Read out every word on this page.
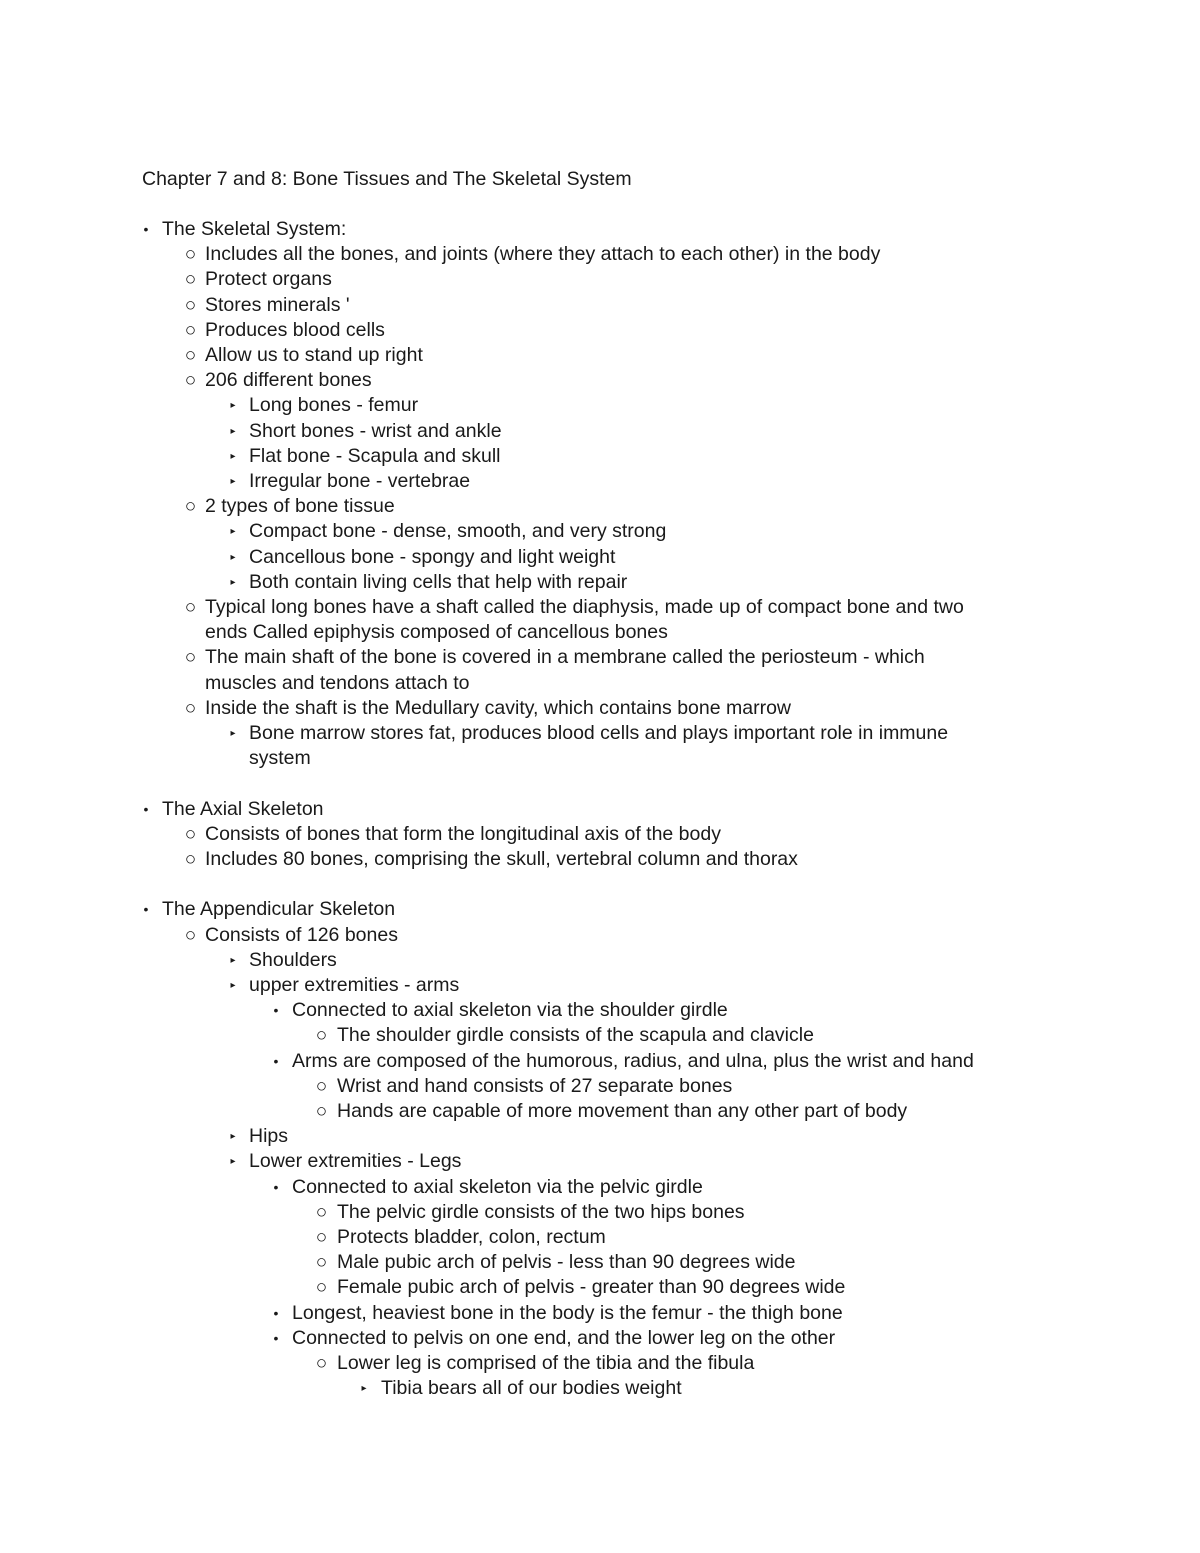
Chapter 7 and 8: Bone Tissues and The Skeletal System
• The Skeletal System:
○ Includes all the bones, and joints (where they attach to each other) in the body
○ Protect organs
○ Stores minerals '
○ Produces blood cells
○ Allow us to stand up right
○ 206 different bones
▸ Long bones - femur
▸ Short bones - wrist and ankle
▸ Flat bone - Scapula and skull
▸ Irregular bone - vertebrae
○ 2 types of bone tissue
▸ Compact bone - dense, smooth, and very strong
▸ Cancellous bone - spongy and light weight
▸ Both contain living cells that help with repair
○ Typical long bones have a shaft called the diaphysis, made up of compact bone and two
ends Called epiphysis composed of cancellous bones
○ The main shaft of the bone is covered in a membrane called the periosteum - which
muscles and tendons attach to
○ Inside the shaft is the Medullary cavity, which contains bone marrow
▸ Bone marrow stores fat, produces blood cells and plays important role in immune
system
• The Axial Skeleton
○ Consists of bones that form the longitudinal axis of the body
○ Includes 80 bones, comprising the skull, vertebral column and thorax
• The Appendicular Skeleton
○ Consists of 126 bones
▸ Shoulders
▸ upper extremities - arms
• Connected to axial skeleton via the shoulder girdle
○ The shoulder girdle consists of the scapula and clavicle
• Arms are composed of the humorous, radius, and ulna, plus the wrist and hand
○ Wrist and hand consists of 27 separate bones
○ Hands are capable of more movement than any other part of body
▸ Hips
▸ Lower extremities - Legs
• Connected to axial skeleton via the pelvic girdle
○ The pelvic girdle consists of the two hips bones
○ Protects bladder, colon, rectum
○ Male pubic arch of pelvis - less than 90 degrees wide
○ Female pubic arch of pelvis - greater than 90 degrees wide
• Longest, heaviest bone in the body is the femur - the thigh bone
• Connected to pelvis on one end, and the lower leg on the other
○ Lower leg is comprised of the tibia and the fibula
▸ Tibia bears all of our bodies weight
